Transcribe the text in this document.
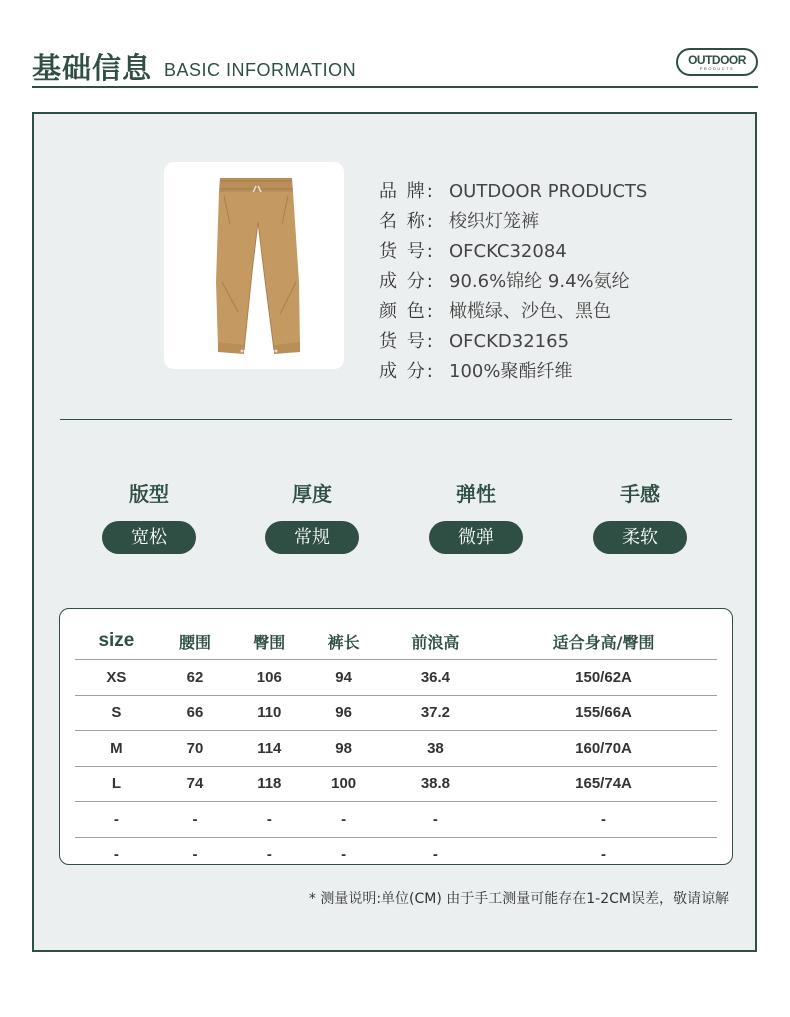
基础信息 BASIC INFORMATION
OUTDOOR
PRODUCTS
品 牌: OUTDOOR PRODUCTS
名 称: 梭织灯笼裤
货 号: OFCKC32084
成 分: 90.6%锦纶 9.4%氨纶
颜 色: 橄榄绿、沙色、黑色
货 号: OFCKD32165
成 分: 100%聚酯纤维
版型
宽松
厚度
常规
弹性
微弹
手感
柔软
size	腰围	臀围	裤长	前浪高	适合身高/臀围
XS	62	106	94	36.4	150/62A
S	66	110	96	37.2	155/66A
M	70	114	98	38	160/70A
L	74	118	100	38.8	165/74A
-	-	-	-	-	-
-	-	-	-	-	-
* 测量说明:单位(CM) 由于手工测量可能存在1-2CM误差，敬请谅解
